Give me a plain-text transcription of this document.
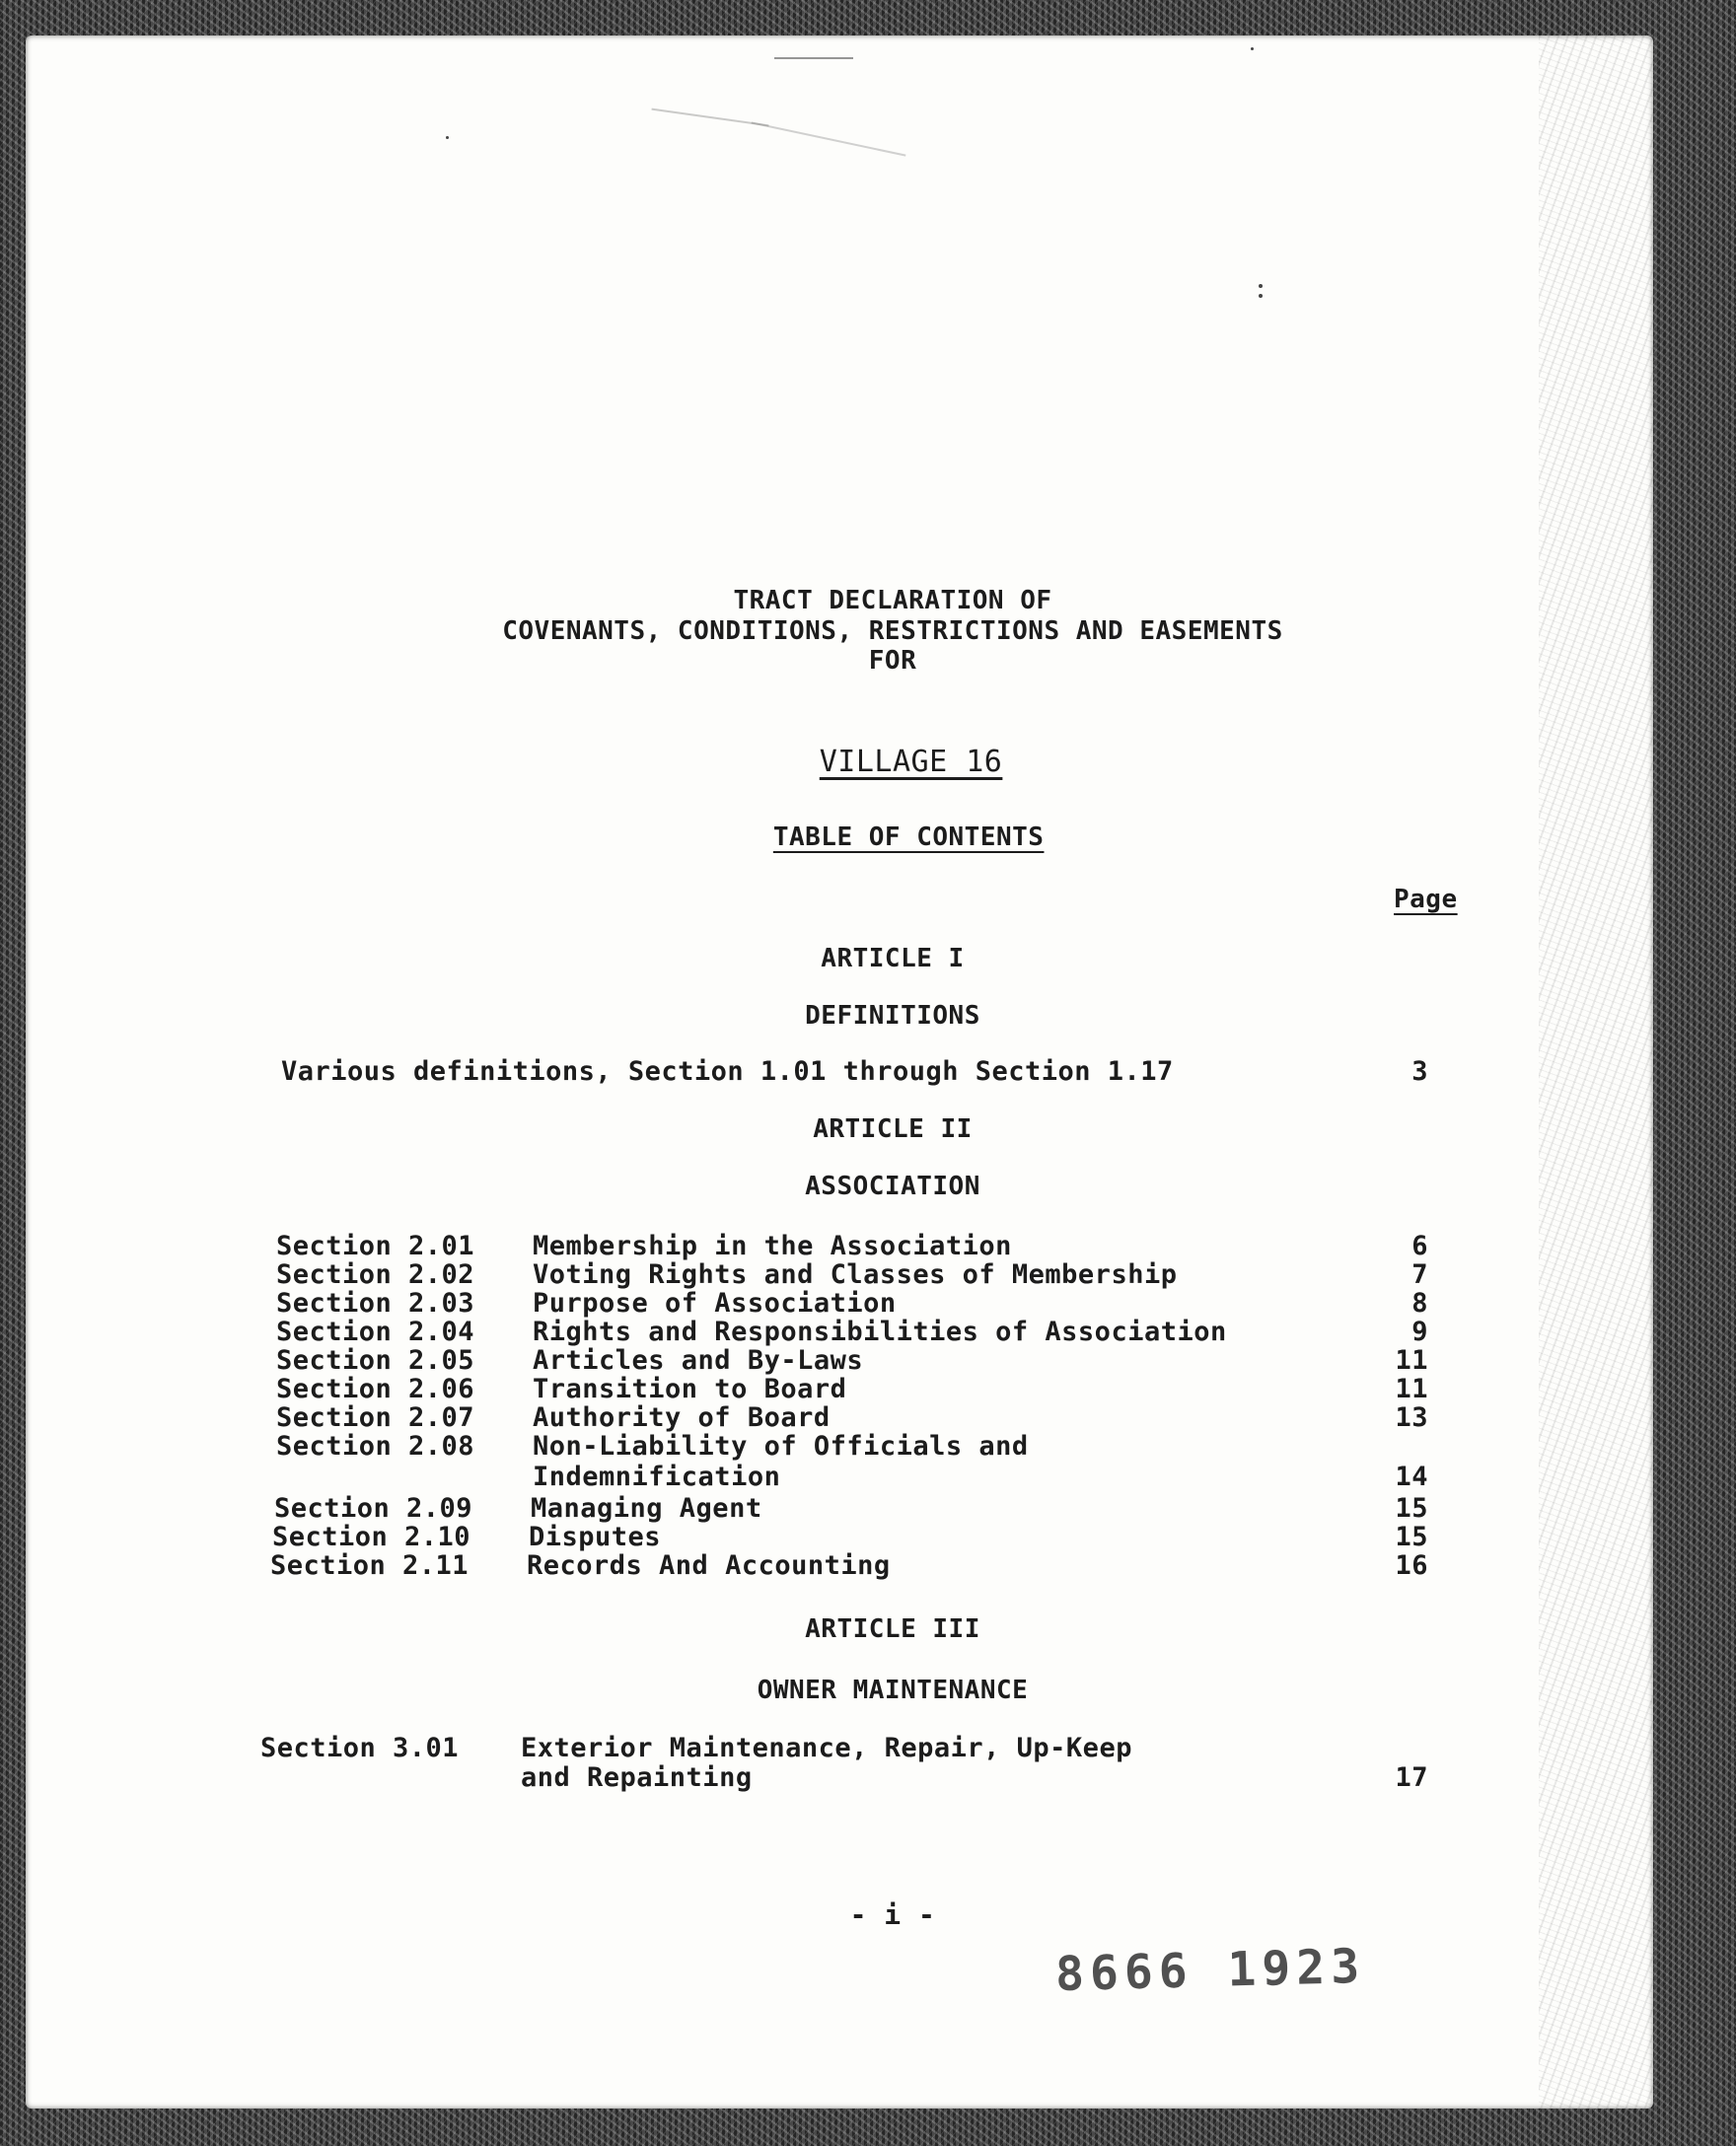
TRACT DECLARATION OF
COVENANTS, CONDITIONS, RESTRICTIONS AND EASEMENTS
FOR

VILLAGE 16

TABLE OF CONTENTS

Page
ARTICLE I
DEFINITIONS
Various definitions, Section 1.01 through Section 1.17	3
ARTICLE II
ASSOCIATION
Section 2.01 Membership in the Association	6
Section 2.02 Voting Rights and Classes of Membership	7
Section 2.03 Purpose of Association	8
Section 2.04 Rights and Responsibilities of Association	9
Section 2.05 Articles and By-Laws	11
Section 2.06 Transition to Board	11
Section 2.07 Authority of Board	13
Section 2.08 Non-Liability of Officials and
Indemnification	14
Section 2.09 Managing Agent	15
Section 2.10 Disputes	15
Section 2.11 Records And Accounting	16
ARTICLE III
OWNER MAINTENANCE
Section 3.01 Exterior Maintenance, Repair, Up-Keep
and Repainting	17
- i -
8666 1923
